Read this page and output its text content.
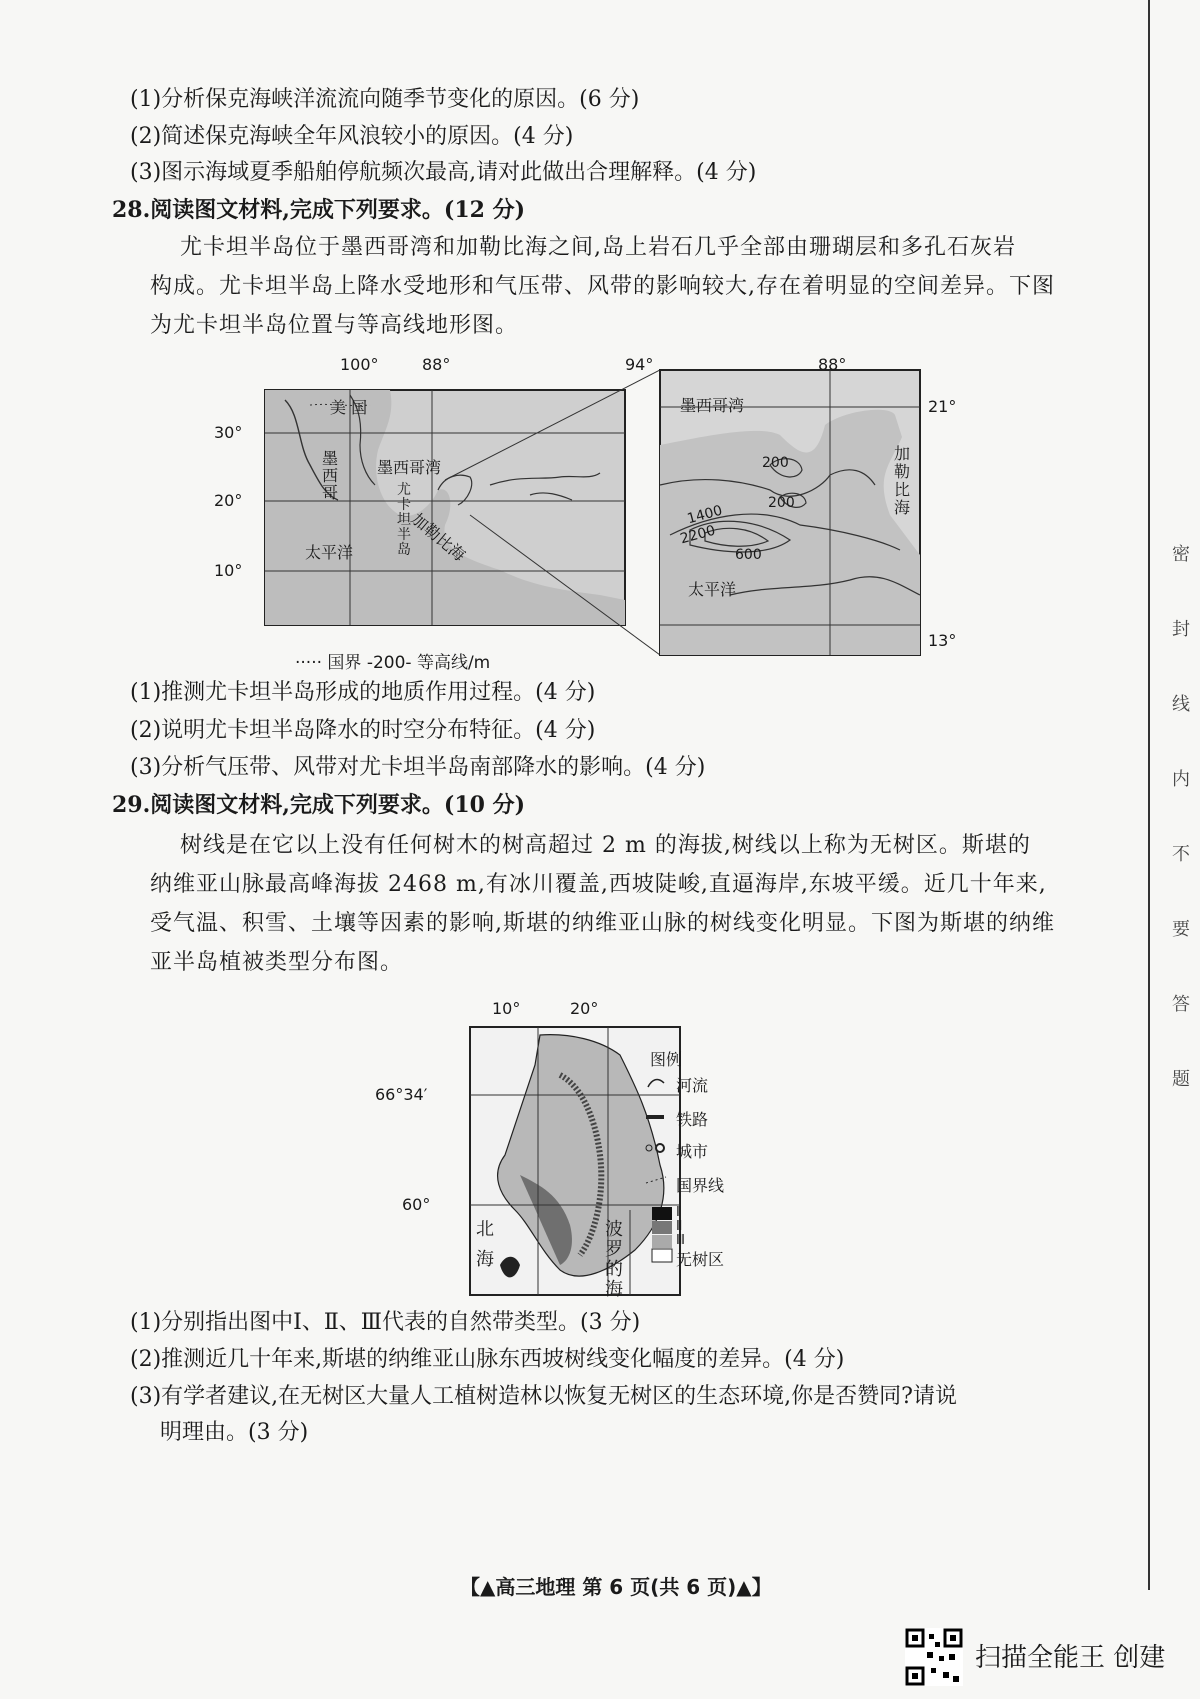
(1)分析保克海峡洋流流向随季节变化的原因。(6 分)
(2)简述保克海峡全年风浪较小的原因。(4 分)
(3)图示海域夏季船舶停航频次最高,请对此做出合理解释。(4 分)
28.阅读图文材料,完成下列要求。(12 分)

尤卡坦半岛位于墨西哥湾和加勒比海之间,岛上岩石几乎全部由珊瑚层和多孔石灰岩

构成。尤卡坦半岛上降水受地形和气压带、风带的影响较大,存在着明显的空间差异。下图

为尤卡坦半岛位置与等高线地形图。

100°	88°
30°
20°
10°
美 国
墨
西
哥
墨西哥湾
尤
卡
坦
半
岛
加勒比海
太平洋
94°	88°
21°
13°
墨西哥湾
加
勒
比
海
太平洋
200
200
1400
2200
600
····· 国界 -200- 等高线/m
(1)推测尤卡坦半岛形成的地质作用过程。(4 分)
(2)说明尤卡坦半岛降水的时空分布特征。(4 分)
(3)分析气压带、风带对尤卡坦半岛南部降水的影响。(4 分)
29.阅读图文材料,完成下列要求。(10 分)

树线是在它以上没有任何树木的树高超过 2 m 的海拔,树线以上称为无树区。斯堪的

纳维亚山脉最高峰海拔 2468 m,有冰川覆盖,西坡陡峻,直逼海岸,东坡平缓。近几十年来,

受气温、积雪、土壤等因素的影响,斯堪的纳维亚山脉的树线变化明显。下图为斯堪的纳维

亚半岛植被类型分布图。

10°	20°
66°34′
60°
北
海
波
罗
的
海
图例
河流
铁路
城市
国界线
Ⅰ
Ⅱ
Ⅲ
无树区
(1)分别指出图中Ⅰ、Ⅱ、Ⅲ代表的自然带类型。(3 分)
(2)推测近几十年来,斯堪的纳维亚山脉东西坡树线变化幅度的差异。(4 分)
(3)有学者建议,在无树区大量人工植树造林以恢复无树区的生态环境,你是否赞同?请说
明理由。(3 分)
【▲高三地理 第 6 页(共 6 页)▲】
密
封
线
内
不
要
答
题
扫描全能王 创建
